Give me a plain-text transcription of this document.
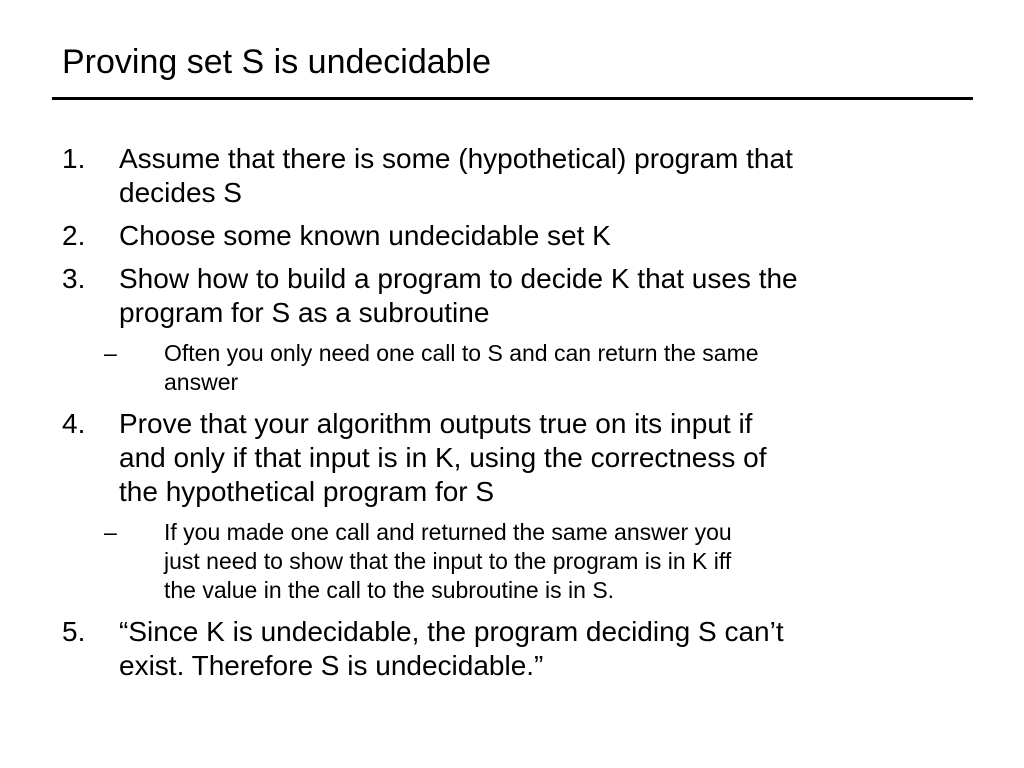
Proving set S is undecidable
1. Assume that there is some (hypothetical) program that
decides S
2. Choose some known undecidable set K
3. Show how to build a program to decide K that uses the
program for S as a subroutine
– Often you only need one call to S and can return the same
answer
4. Prove that your algorithm outputs true on its input if
and only if that input is in K, using the correctness of
the hypothetical program for S
– If you made one call and returned the same answer you
just need to show that the input to the program is in K iff
the value in the call to the subroutine is in S.
5. “Since K is undecidable, the program deciding S can’t
exist. Therefore S is undecidable.”
